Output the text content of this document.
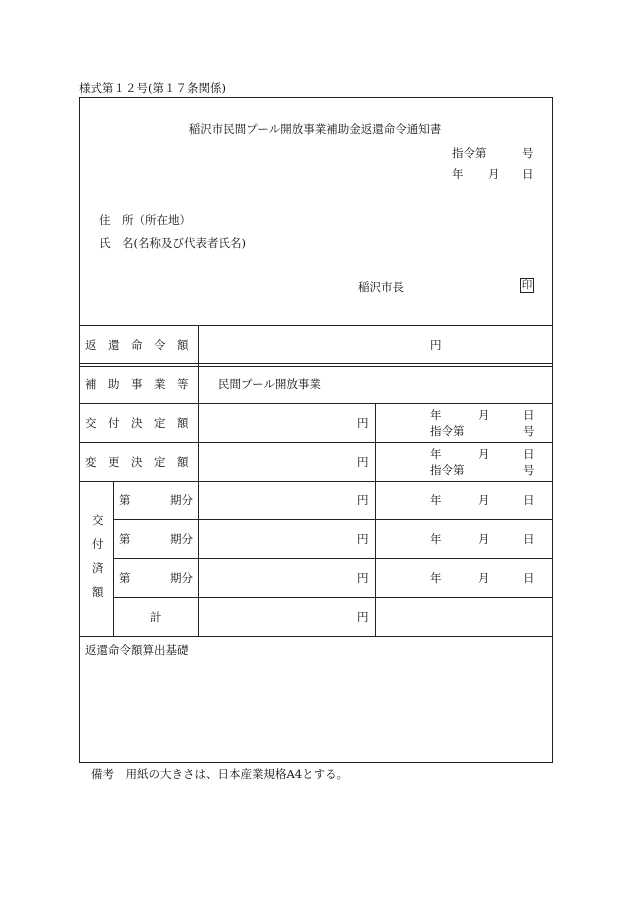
様式第１２号(第１７条関係)
稲沢市民間プール開放事業補助金返還命令通知書
指令第	号
年 月 日
住　所（所在地）
氏　名(名称及び代表者氏名)
稲沢市長	印
返　還　命　令　額	円
補　助　事　業　等	民間プール開放事業
交　付　決　定　額	円
年	月	日
指令第	号
変　更　決　定　額	円
年	月	日
指令第	号
交
付
済
額
第	期分	円	年	月	日
第	期分	円	年	月	日
第	期分	円	年	月	日
計	円
返還命令額算出基礎
備考　用紙の大きさは、日本産業規格A4とする。
